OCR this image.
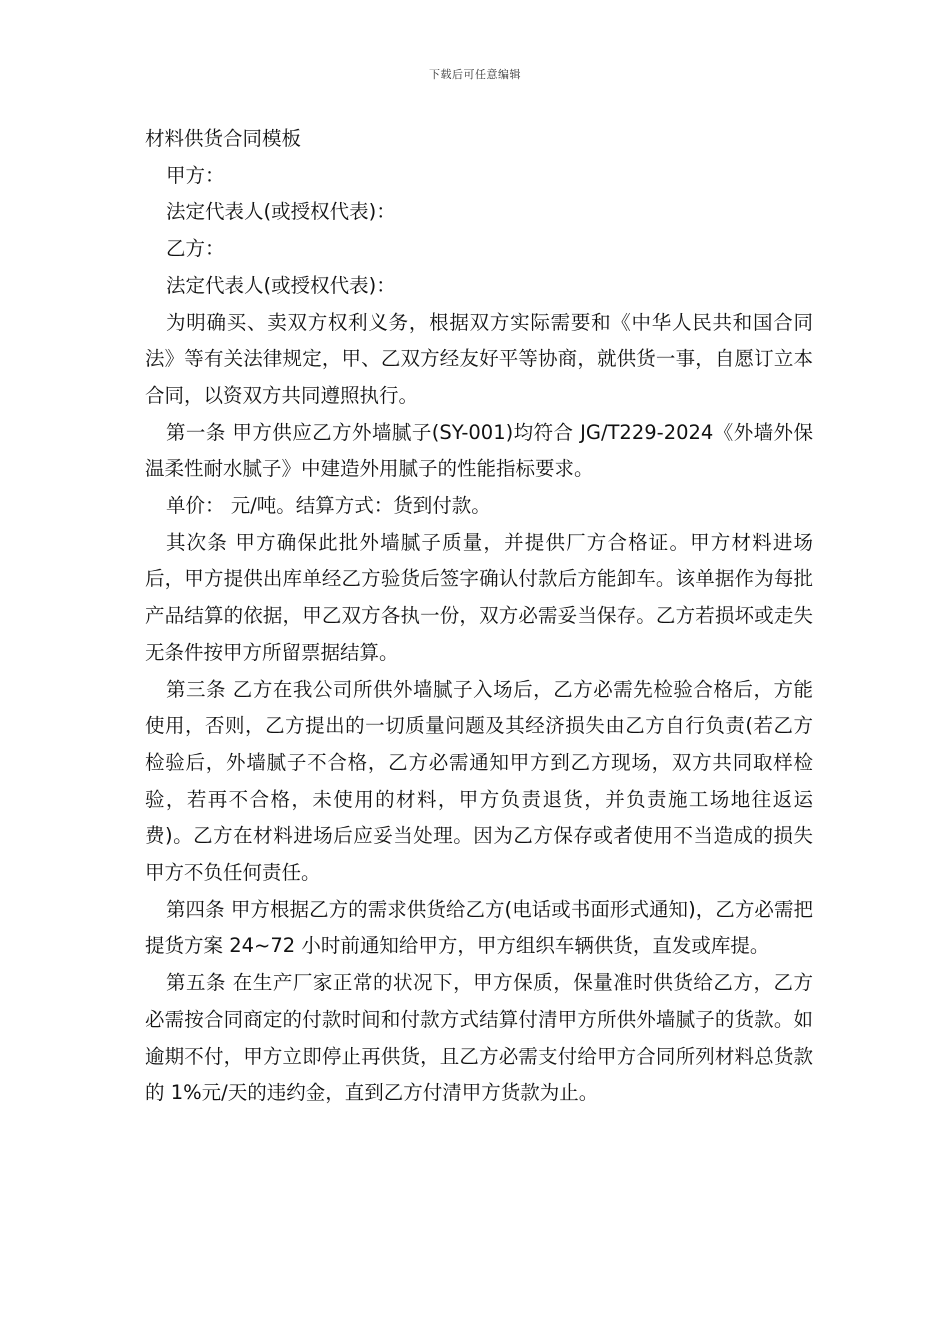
下载后可任意编辑

材料供货合同模板

甲方：

法定代表人(或授权代表)：

乙方：

法定代表人(或授权代表)：

为明确买、卖双方权利义务，根据双方实际需要和《中华人民共和国合同法》等有关法律规定，甲、乙双方经友好平等协商，就供货一事，自愿订立本合同，以资双方共同遵照执行。

第一条 甲方供应乙方外墙腻子(SY-001)均符合 JG/T229-2024《外墙外保温柔性耐水腻子》中建造外用腻子的性能指标要求。

单价： 元/吨。结算方式：货到付款。

其次条 甲方确保此批外墙腻子质量，并提供厂方合格证。甲方材料进场后，甲方提供出库单经乙方验货后签字确认付款后方能卸车。该单据作为每批产品结算的依据，甲乙双方各执一份，双方必需妥当保存。乙方若损坏或走失无条件按甲方所留票据结算。

第三条 乙方在我公司所供外墙腻子入场后，乙方必需先检验合格后，方能使用，否则，乙方提出的一切质量问题及其经济损失由乙方自行负责(若乙方检验后，外墙腻子不合格，乙方必需通知甲方到乙方现场，双方共同取样检验，若再不合格，未使用的材料，甲方负责退货，并负责施工场地往返运费)。乙方在材料进场后应妥当处理。因为乙方保存或者使用不当造成的损失甲方不负任何责任。

第四条 甲方根据乙方的需求供货给乙方(电话或书面形式通知)，乙方必需把提货方案 24~72 小时前通知给甲方，甲方组织车辆供货，直发或库提。

第五条 在生产厂家正常的状况下，甲方保质，保量准时供货给乙方，乙方必需按合同商定的付款时间和付款方式结算付清甲方所供外墙腻子的货款。如逾期不付，甲方立即停止再供货，且乙方必需支付给甲方合同所列材料总货款的 1%元/天的违约金，直到乙方付清甲方货款为止。
